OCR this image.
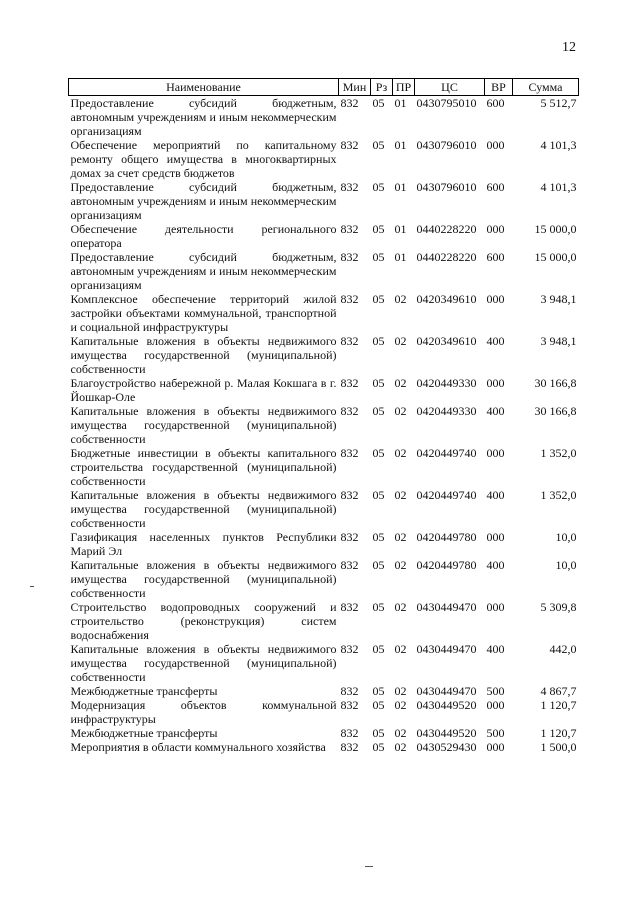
12
Наименование	Мин	Рз	ПР	ЦС	ВР	Сумма
Предоставление субсидий бюджетным, автономным учреждениям и иным некоммерческим организациям	832	05	01	0430795010	600	5 512,7
Обеспечение мероприятий по капитальному ремонту общего имущества в многоквартирных домах за счет средств бюджетов	832	05	01	0430796010	000	4 101,3
Предоставление субсидий бюджетным, автономным учреждениям и иным некоммерческим организациям	832	05	01	0430796010	600	4 101,3
Обеспечение деятельности регионального оператора	832	05	01	0440228220	000	15 000,0
Предоставление субсидий бюджетным, автономным учреждениям и иным некоммерческим организациям	832	05	01	0440228220	600	15 000,0
Комплексное обеспечение территорий жилой застройки объектами коммунальной, транспортной и социальной инфраструктуры	832	05	02	0420349610	000	3 948,1
Капитальные вложения в объекты недвижимого имущества государственной (муниципальной) собственности	832	05	02	0420349610	400	3 948,1
Благоустройство набережной р. Малая Кокшага в г. Йошкар-Оле	832	05	02	0420449330	000	30 166,8
Капитальные вложения в объекты недвижимого имущества государственной (муниципальной) собственности	832	05	02	0420449330	400	30 166,8
Бюджетные инвестиции в объекты капитального строительства государственной (муниципальной) собственности	832	05	02	0420449740	000	1 352,0
Капитальные вложения в объекты недвижимого имущества государственной (муниципальной) собственности	832	05	02	0420449740	400	1 352,0
Газификация населенных пунктов Республики Марий Эл	832	05	02	0420449780	000	10,0
Капитальные вложения в объекты недвижимого имущества государственной (муниципальной) собственности	832	05	02	0420449780	400	10,0
Строительство водопроводных сооружений и строительство (реконструкция) систем водоснабжения	832	05	02	0430449470	000	5 309,8
Капитальные вложения в объекты недвижимого имущества государственной (муниципальной) собственности	832	05	02	0430449470	400	442,0
Межбюджетные трансферты	832	05	02	0430449470	500	4 867,7
Модернизация объектов коммунальной инфраструктуры	832	05	02	0430449520	000	1 120,7
Межбюджетные трансферты	832	05	02	0430449520	500	1 120,7
Мероприятия в области коммунального хозяйства	832	05	02	0430529430	000	1 500,0
